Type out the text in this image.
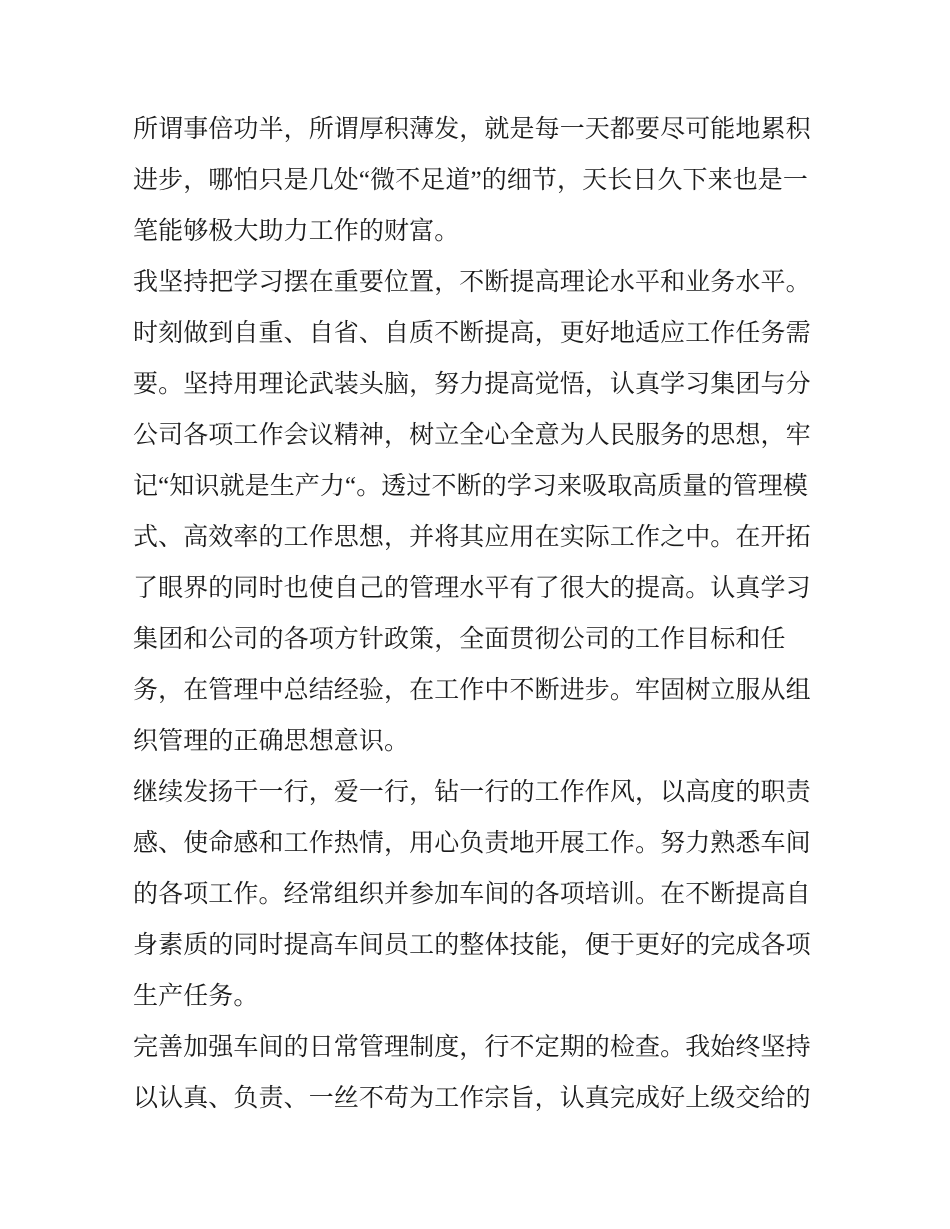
所谓事倍功半，所谓厚积薄发，就是每一天都要尽可能地累积进步，哪怕只是几处“微不足道”的细节，天长日久下来也是一笔能够极大助力工作的财富。

我坚持把学习摆在重要位置，不断提高理论水平和业务水平。时刻做到自重、自省、自质不断提高，更好地适应工作任务需要。坚持用理论武装头脑，努力提高觉悟，认真学习集团与分公司各项工作会议精神，树立全心全意为人民服务的思想，牢记“知识就是生产力“。透过不断的学习来吸取高质量的管理模式、高效率的工作思想，并将其应用在实际工作之中。在开拓了眼界的同时也使自己的管理水平有了很大的提高。认真学习集团和公司的各项方针政策，全面贯彻公司的工作目标和任务，在管理中总结经验，在工作中不断进步。牢固树立服从组织管理的正确思想意识。

继续发扬干一行，爱一行，钻一行的工作作风，以高度的职责感、使命感和工作热情，用心负责地开展工作。努力熟悉车间的各项工作。经常组织并参加车间的各项培训。在不断提高自身素质的同时提高车间员工的整体技能，便于更好的完成各项生产任务。

完善加强车间的日常管理制度，行不定期的检查。我始终坚持以认真、负责、一丝不苟为工作宗旨，认真完成好上级交给的
